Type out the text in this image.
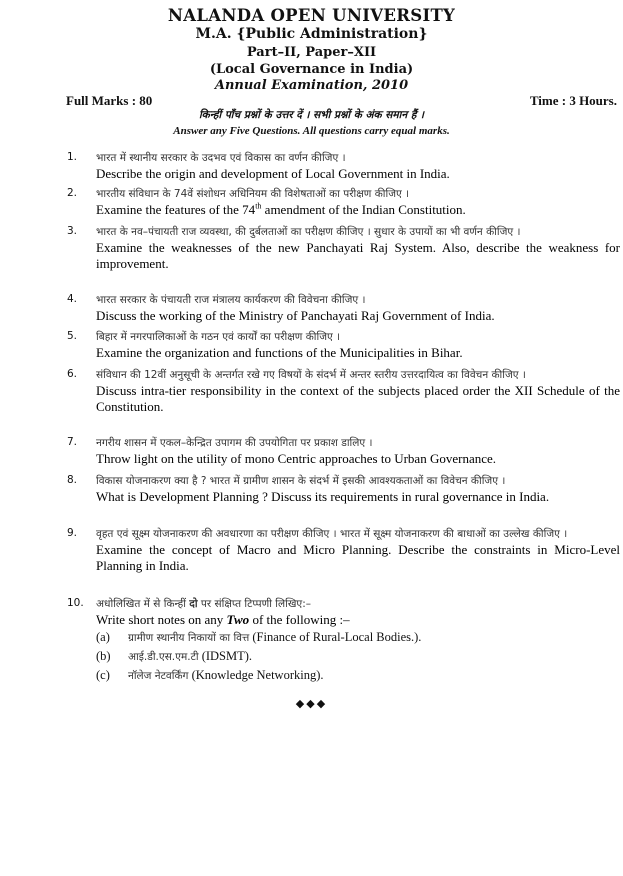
NALANDA OPEN UNIVERSITY
M.A. {Public Administration}
Part–II, Paper–XII
(Local Governance in India)
Annual Examination, 2010
Full Marks : 80	Time : 3 Hours.
किन्हीं पाँच प्रश्नों के उत्तर दें । सभी प्रश्नों के अंक समान हैं ।
Answer any Five Questions. All questions carry equal marks.
1. भारत में स्थानीय सरकार के उदभव एवं विकास का वर्णन कीजिए ।
Describe the origin and development of Local Government in India.
2. भारतीय संविधान के 74वें संशोधन अधिनियम की विशेषताओं का परीक्षण कीजिए ।
Examine the features of the 74th amendment of the Indian Constitution.
3. भारत के नव–पंचायती राज व्यवस्था, की दुर्बलताओं का परीक्षण कीजिए । सुधार के उपायों का भी वर्णन कीजिए ।
Examine the weaknesses of the new Panchayati Raj System. Also, describe the weakness for improvement.
4. भारत सरकार के पंचायती राज मंत्रालय कार्यकरण की विवेचना कीजिए ।
Discuss the working of the Ministry of Panchayati Raj Government of India.
5. बिहार में नगरपालिकाओं के गठन एवं कार्यों का परीक्षण कीजिए ।
Examine the organization and functions of the Municipalities in Bihar.
6. संविधान की 12वीं अनुसूची के अन्तर्गत रखे गए विषयों के संदर्भ में अन्तर स्तरीय उत्तरदायित्व का विवेचन कीजिए ।
Discuss intra-tier responsibility in the context of the subjects placed order the XII Schedule of the Constitution.
7. नगरीय शासन में एकल–केन्द्रित उपागम की उपयोगिता पर प्रकाश डालिए ।
Throw light on the utility of mono Centric approaches to Urban Governance.
8. विकास योजनाकरण क्या है ? भारत में ग्रामीण शासन के संदर्भ में इसकी आवश्यकताओं का विवेचन कीजिए ।
What is Development Planning ? Discuss its requirements in rural governance in India.
9. वृहत एवं सूक्ष्म योजनाकरण की अवधारणा का परीक्षण कीजिए । भारत में सूक्ष्म योजनाकरण की बाधाओं का उल्लेख कीजिए ।
Examine the concept of Macro and Micro Planning. Describe the constraints in Micro-Level Planning in India.
10. अधोलिखित में से किन्हीं दो पर संक्षिप्त टिप्पणी लिखिए:–
Write short notes on any Two of the following :–
(a)	ग्रामीण स्थानीय निकायों का वित्त (Finance of Rural-Local Bodies.).
(b)	आई.डी.एस.एम.टी (IDSMT).
(c)	नॉलेज नेटवर्किंग (Knowledge Networking).
◆◆◆
